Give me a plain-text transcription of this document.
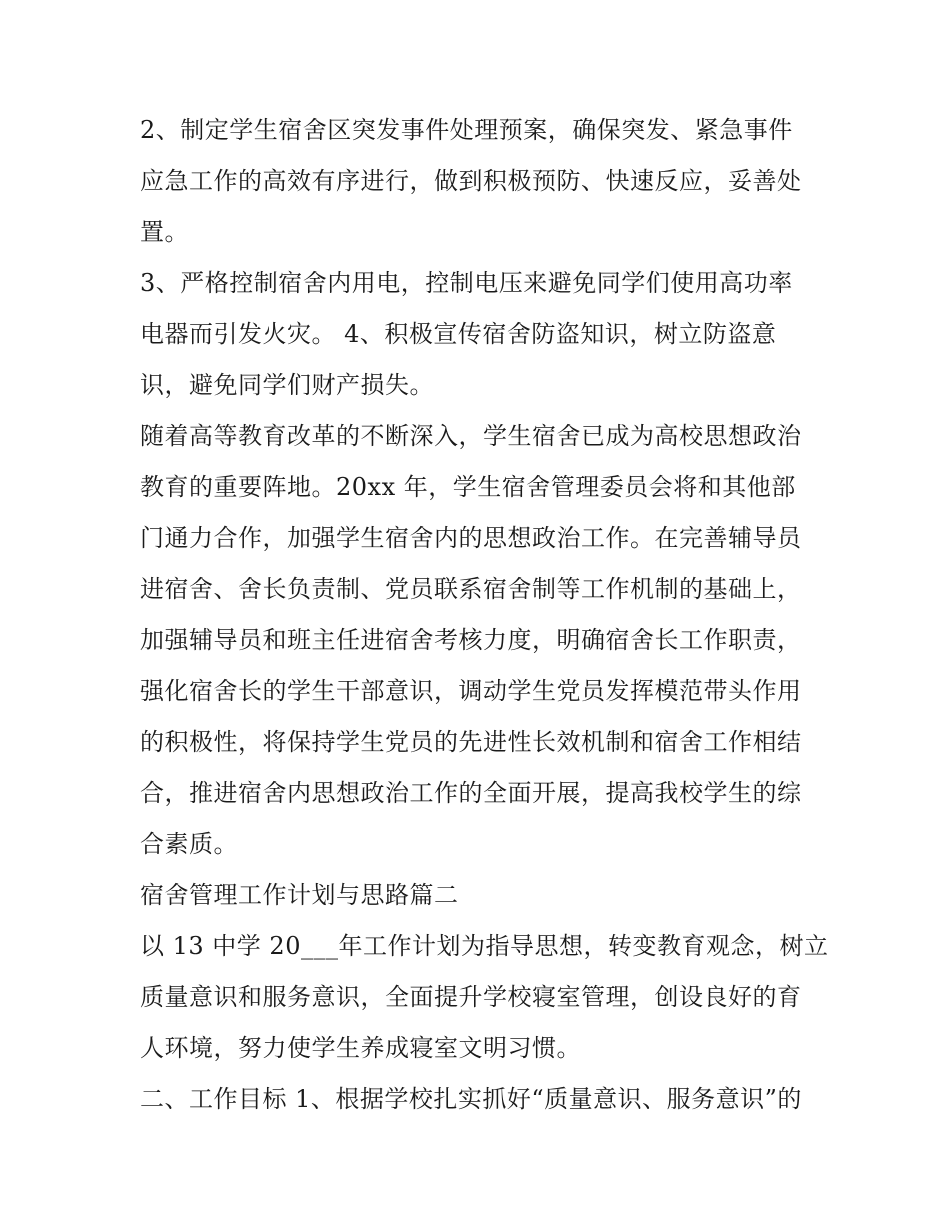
2、制定学生宿舍区突发事件处理预案，确保突发、紧急事件
应急工作的高效有序进行，做到积极预防、快速反应，妥善处
置。
3、严格控制宿舍内用电，控制电压来避免同学们使用高功率
电器而引发火灾。 4、积极宣传宿舍防盗知识，树立防盗意
识，避免同学们财产损失。
随着高等教育改革的不断深入，学生宿舍已成为高校思想政治
教育的重要阵地。20xx 年，学生宿舍管理委员会将和其他部
门通力合作，加强学生宿舍内的思想政治工作。在完善辅导员
进宿舍、舍长负责制、党员联系宿舍制等工作机制的基础上，
加强辅导员和班主任进宿舍考核力度，明确宿舍长工作职责，
强化宿舍长的学生干部意识，调动学生党员发挥模范带头作用
的积极性，将保持学生党员的先进性长效机制和宿舍工作相结
合，推进宿舍内思想政治工作的全面开展，提高我校学生的综
合素质。
宿舍管理工作计划与思路篇二
以 13 中学 20___年工作计划为指导思想，转变教育观念，树立
质量意识和服务意识，全面提升学校寝室管理，创设良好的育
人环境，努力使学生养成寝室文明习惯。
二、工作目标 1、根据学校扎实抓好“质量意识、服务意识”的
